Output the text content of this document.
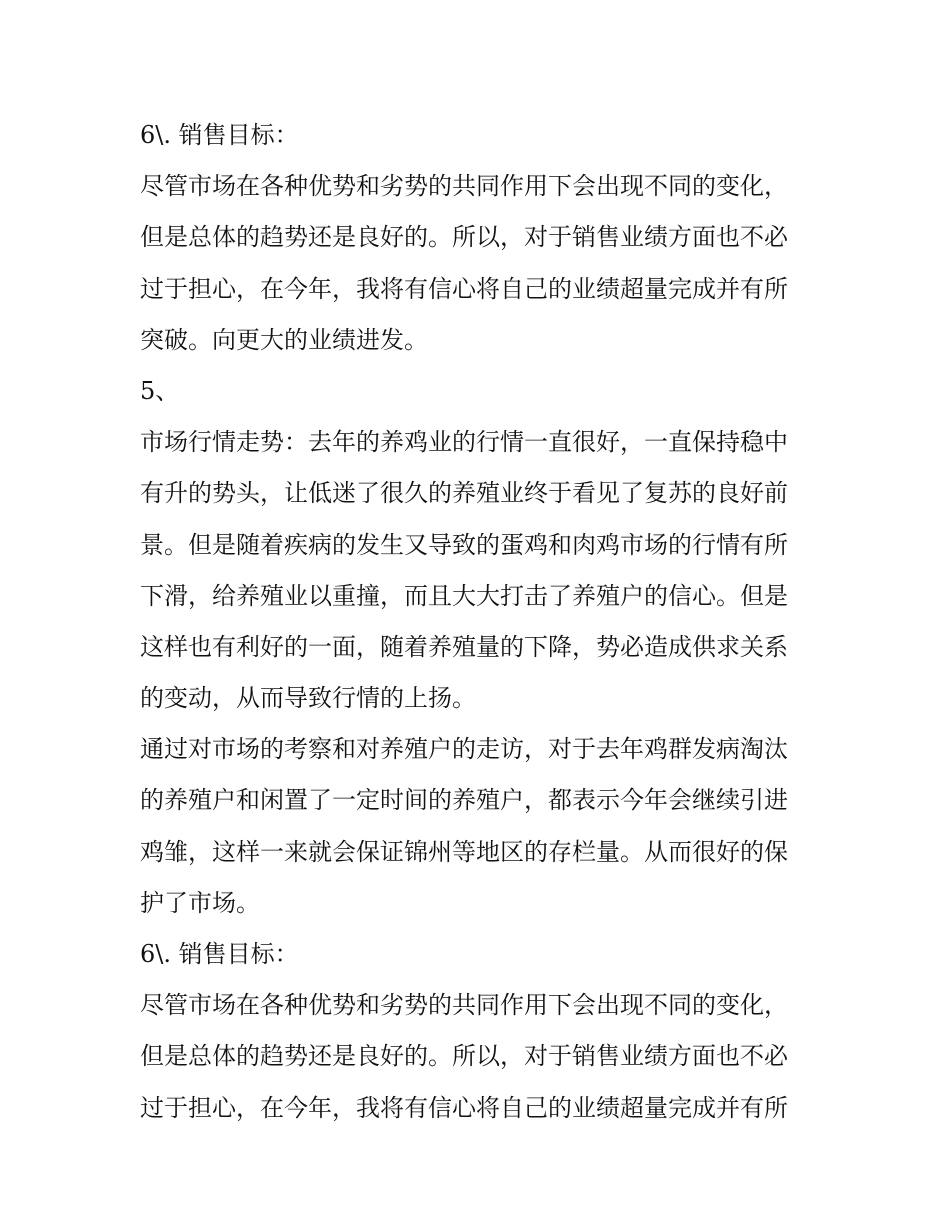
6\. 销售目标：
尽管市场在各种优势和劣势的共同作用下会出现不同的变化，
但是总体的趋势还是良好的。所以，对于销售业绩方面也不必
过于担心，在今年，我将有信心将自己的业绩超量完成并有所
突破。向更大的业绩进发。
5、
市场行情走势：去年的养鸡业的行情一直很好，一直保持稳中
有升的势头，让低迷了很久的养殖业终于看见了复苏的良好前
景。但是随着疾病的发生又导致的蛋鸡和肉鸡市场的行情有所
下滑，给养殖业以重撞，而且大大打击了养殖户的信心。但是
这样也有利好的一面，随着养殖量的下降，势必造成供求关系
的变动，从而导致行情的上扬。
通过对市场的考察和对养殖户的走访，对于去年鸡群发病淘汰
的养殖户和闲置了一定时间的养殖户，都表示今年会继续引进
鸡雏，这样一来就会保证锦州等地区的存栏量。从而很好的保
护了市场。
6\. 销售目标：
尽管市场在各种优势和劣势的共同作用下会出现不同的变化，
但是总体的趋势还是良好的。所以，对于销售业绩方面也不必
过于担心，在今年，我将有信心将自己的业绩超量完成并有所
